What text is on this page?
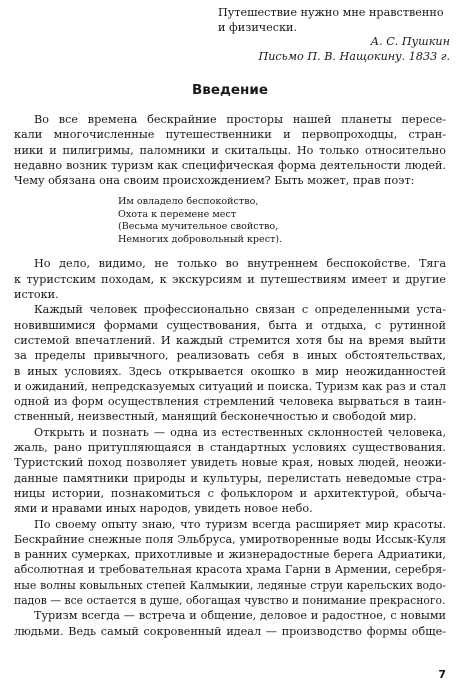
Путешествие нужно мне нравственно
и физически.
А. С. Пушкин
Письмо П. В. Нащокину. 1833 г.
Введение
Во все времена бескрайние просторы нашей планеты пересе-
кали многочисленные путешественники и первопроходцы, стран-
ники и пилигримы, паломники и скитальцы. Но только относительно
недавно возник туризм как специфическая форма деятельности людей.
Чему обязана она своим происхождением? Быть может, прав поэт:
Им овладело беспокойство,
Охота к перемене мест
(Весьма мучительное свойство,
Немногих добровольный крест).
Но дело, видимо, не только во внутреннем беспокойстве. Тяга
к туристским походам, к экскурсиям и путешествиям имеет и другие
истоки.
Каждый человек профессионально связан с определенными уста-
новившимися формами существования, быта и отдыха, с рутинной
системой впечатлений. И каждый стремится хотя бы на время выйти
за пределы привычного, реализовать себя в иных обстоятельствах,
в иных условиях. Здесь открывается окошко в мир неожиданностей
и ожиданий, непредсказуемых ситуаций и поиска. Туризм как раз и стал
одной из форм осуществления стремлений человека вырваться в таин-
ственный, неизвестный, манящий бесконечностью и свободой мир.
Открыть и познать — одна из естественных склонностей человека,
жаль, рано притупляющаяся в стандартных условиях существования.
Туристский поход позволяет увидеть новые края, новых людей, неожи-
данные памятники природы и культуры, перелистать неведомые стра-
ницы истории, познакомиться с фольклором и архитектурой, обыча-
ями и нравами иных народов, увидеть новое небо.
По своему опыту знаю, что туризм всегда расширяет мир красоты.
Бескрайние снежные поля Эльбруса, умиротворенные воды Иссык-Куля
в ранних сумерках, прихотливые и жизнерадостные берега Адриатики,
абсолютная и требовательная красота храма Гарни в Армении, серебря-
ные волны ковыльных степей Калмыкии, ледяные струи карельских водо-
падов — все остается в душе, обогащая чувство и понимание прекрасного.
Туризм всегда — встреча и общение, деловое и радостное, с новыми
людьми. Ведь самый сокровенный идеал — производство формы обще-
7
